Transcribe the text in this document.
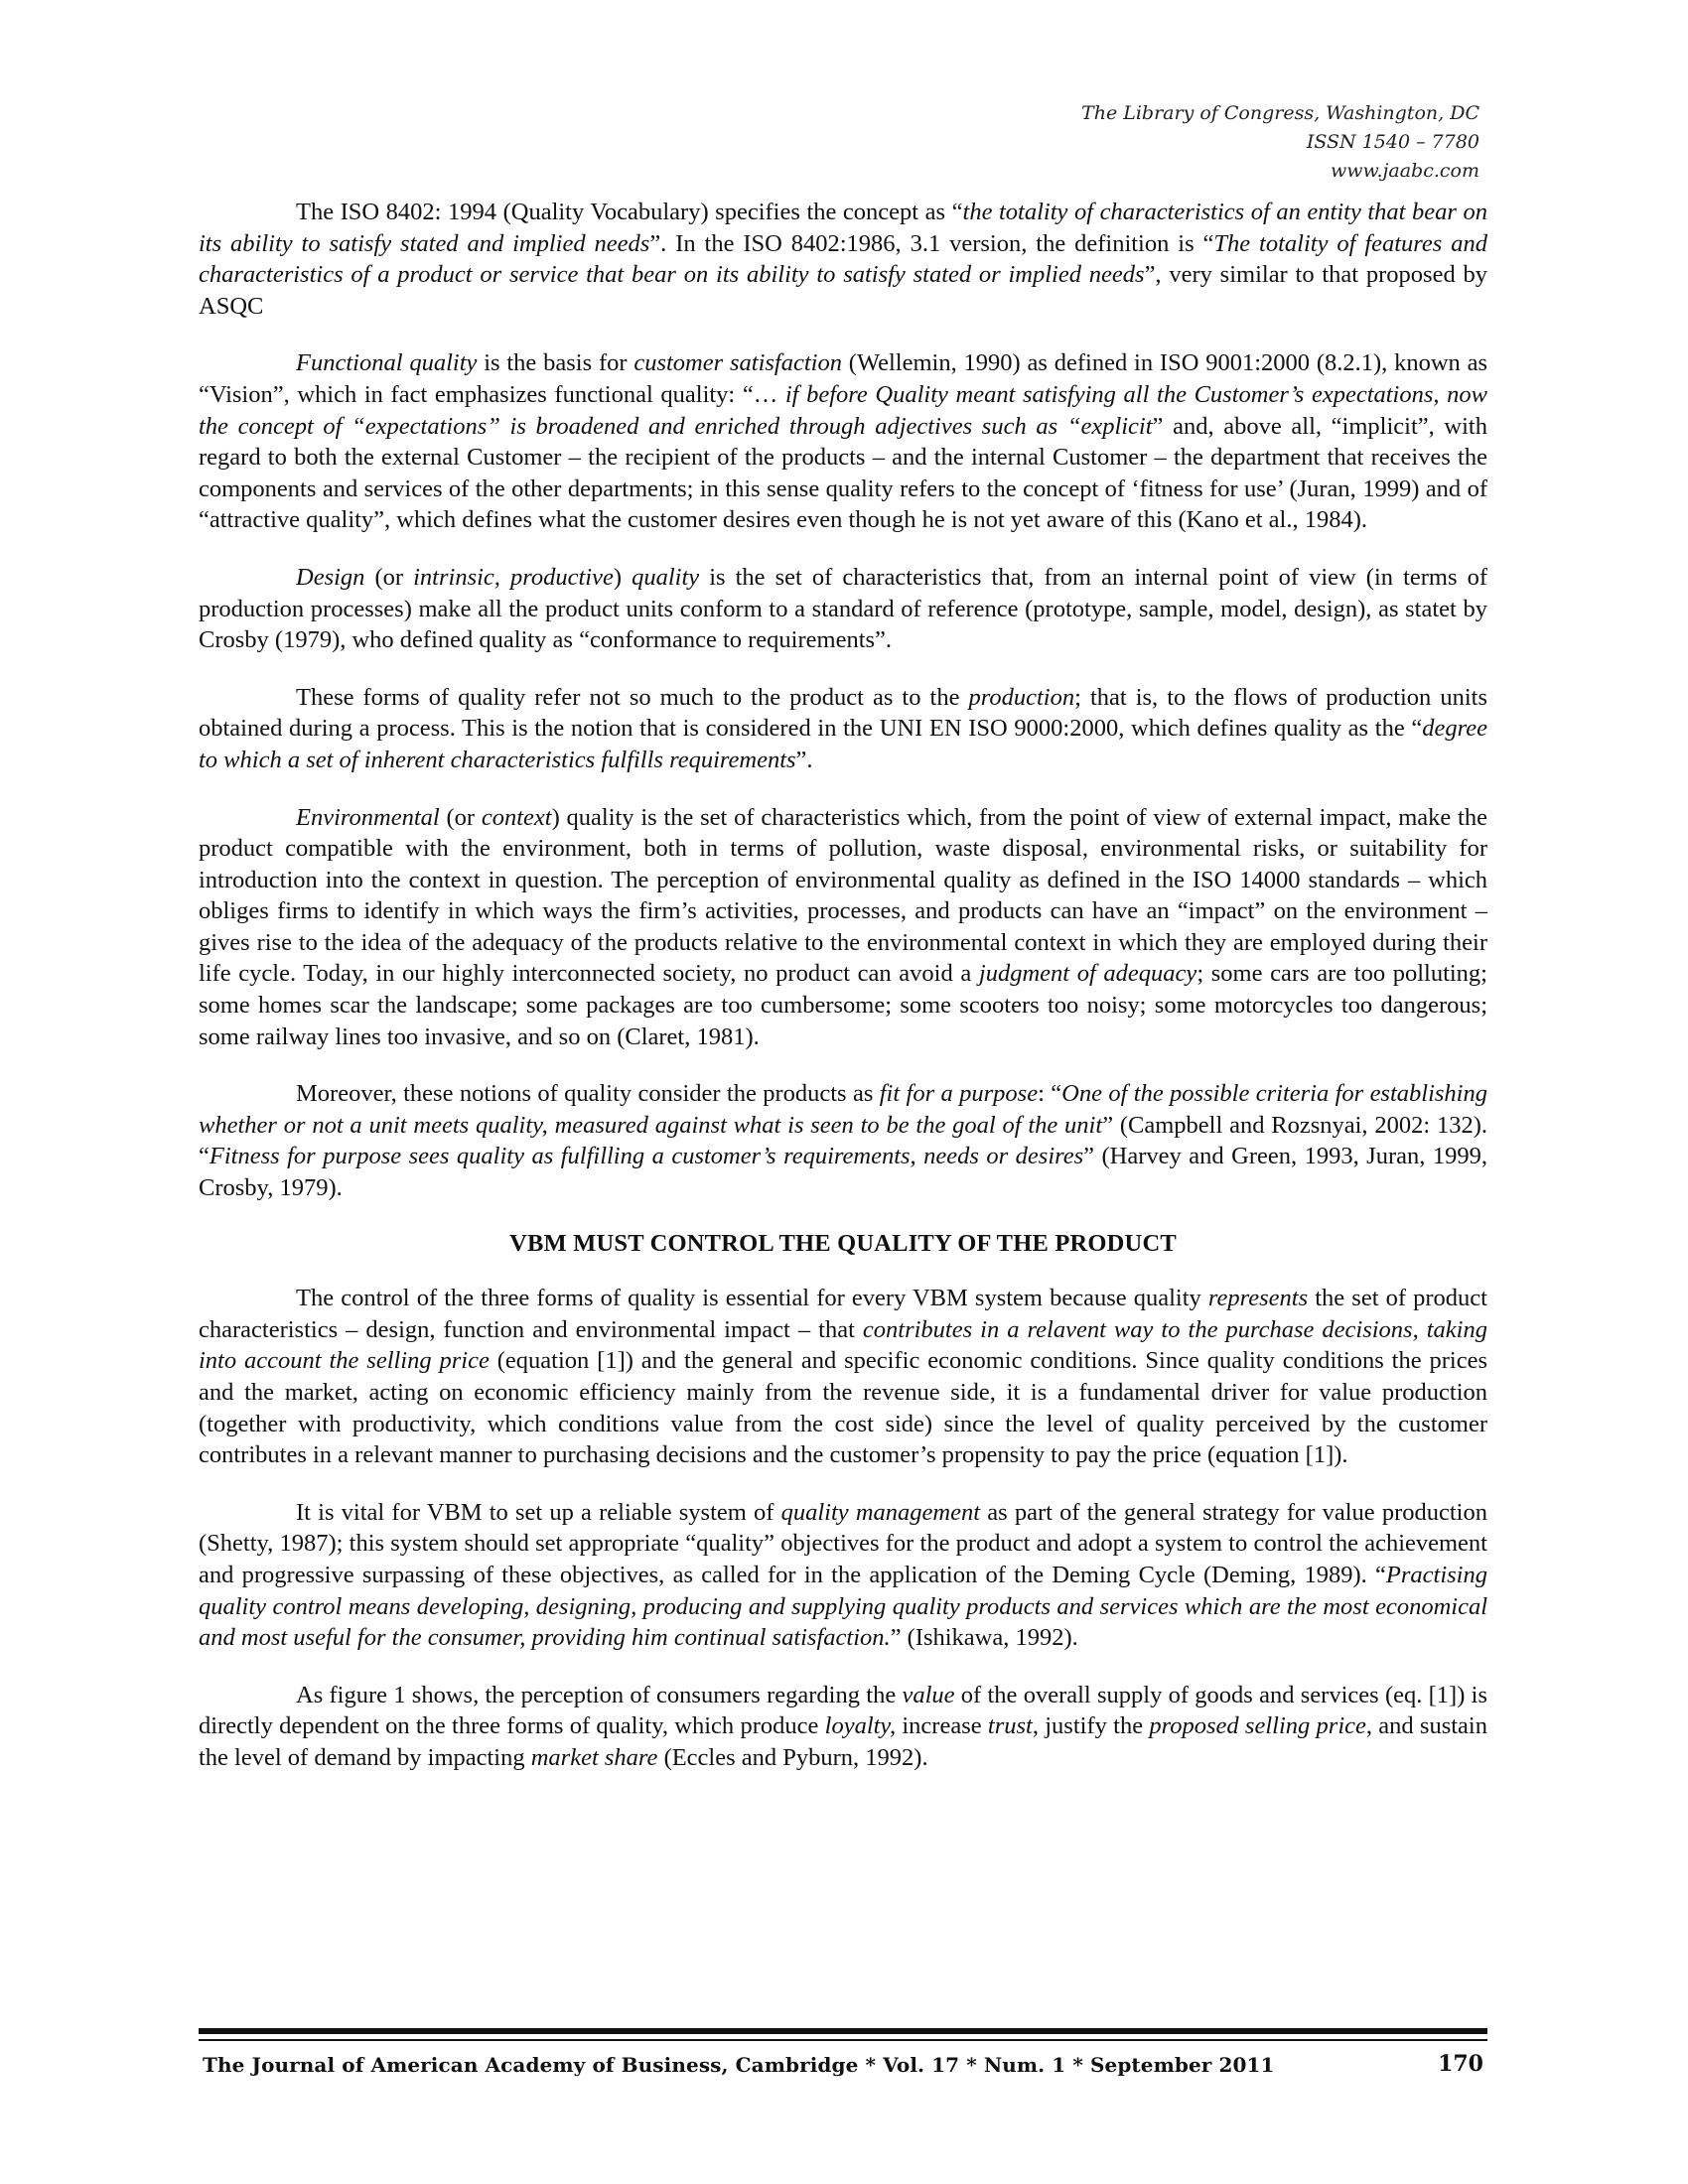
The Library of Congress, Washington, DC
ISSN 1540 – 7780
www.jaabc.com

The ISO 8402: 1994 (Quality Vocabulary) specifies the concept as “the totality of characteristics of an entity that bear on its ability to satisfy stated and implied needs”. In the ISO 8402:1986, 3.1 version, the definition is “The totality of features and characteristics of a product or service that bear on its ability to satisfy stated or implied needs”, very similar to that proposed by ASQC

Functional quality is the basis for customer satisfaction (Wellemin, 1990) as defined in ISO 9001:2000 (8.2.1), known as “Vision”, which in fact emphasizes functional quality: “… if before Quality meant satisfying all the Customer’s expectations, now the concept of “expectations” is broadened and enriched through adjectives such as “explicit” and, above all, “implicit”, with regard to both the external Customer – the recipient of the products – and the internal Customer – the department that receives the components and services of the other departments; in this sense quality refers to the concept of ‘fitness for use’ (Juran, 1999) and of “attractive quality”, which defines what the customer desires even though he is not yet aware of this (Kano et al., 1984).

Design (or intrinsic, productive) quality is the set of characteristics that, from an internal point of view (in terms of production processes) make all the product units conform to a standard of reference (prototype, sample, model, design), as statet by Crosby (1979), who defined quality as “conformance to requirements”.

These forms of quality refer not so much to the product as to the production; that is, to the flows of production units obtained during a process. This is the notion that is considered in the UNI EN ISO 9000:2000, which defines quality as the “degree to which a set of inherent characteristics fulfills requirements”.

Environmental (or context) quality is the set of characteristics which, from the point of view of external impact, make the product compatible with the environment, both in terms of pollution, waste disposal, environmental risks, or suitability for introduction into the context in question. The perception of environmental quality as defined in the ISO 14000 standards – which obliges firms to identify in which ways the firm’s activities, processes, and products can have an “impact” on the environment – gives rise to the idea of the adequacy of the products relative to the environmental context in which they are employed during their life cycle. Today, in our highly interconnected society, no product can avoid a judgment of adequacy; some cars are too polluting; some homes scar the landscape; some packages are too cumbersome; some scooters too noisy; some motorcycles too dangerous; some railway lines too invasive, and so on (Claret, 1981).

Moreover, these notions of quality consider the products as fit for a purpose: “One of the possible criteria for establishing whether or not a unit meets quality, measured against what is seen to be the goal of the unit” (Campbell and Rozsnyai, 2002: 132). “Fitness for purpose sees quality as fulfilling a customer’s requirements, needs or desires” (Harvey and Green, 1993, Juran, 1999, Crosby, 1979).

VBM MUST CONTROL THE QUALITY OF THE PRODUCT

The control of the three forms of quality is essential for every VBM system because quality represents the set of product characteristics – design, function and environmental impact – that contributes in a relavent way to the purchase decisions, taking into account the selling price (equation [1]) and the general and specific economic conditions. Since quality conditions the prices and the market, acting on economic efficiency mainly from the revenue side, it is a fundamental driver for value production (together with productivity, which conditions value from the cost side) since the level of quality perceived by the customer contributes in a relevant manner to purchasing decisions and the customer’s propensity to pay the price (equation [1]).

It is vital for VBM to set up a reliable system of quality management as part of the general strategy for value production (Shetty, 1987); this system should set appropriate “quality” objectives for the product and adopt a system to control the achievement and progressive surpassing of these objectives, as called for in the application of the Deming Cycle (Deming, 1989). “Practising quality control means developing, designing, producing and supplying quality products and services which are the most economical and most useful for the consumer, providing him continual satisfaction.” (Ishikawa, 1992).

As figure 1 shows, the perception of consumers regarding the value of the overall supply of goods and services (eq. [1]) is directly dependent on the three forms of quality, which produce loyalty, increase trust, justify the proposed selling price, and sustain the level of demand by impacting market share (Eccles and Pyburn, 1992).

The Journal of American Academy of Business, Cambridge * Vol. 17 * Num. 1 * September 2011	170
